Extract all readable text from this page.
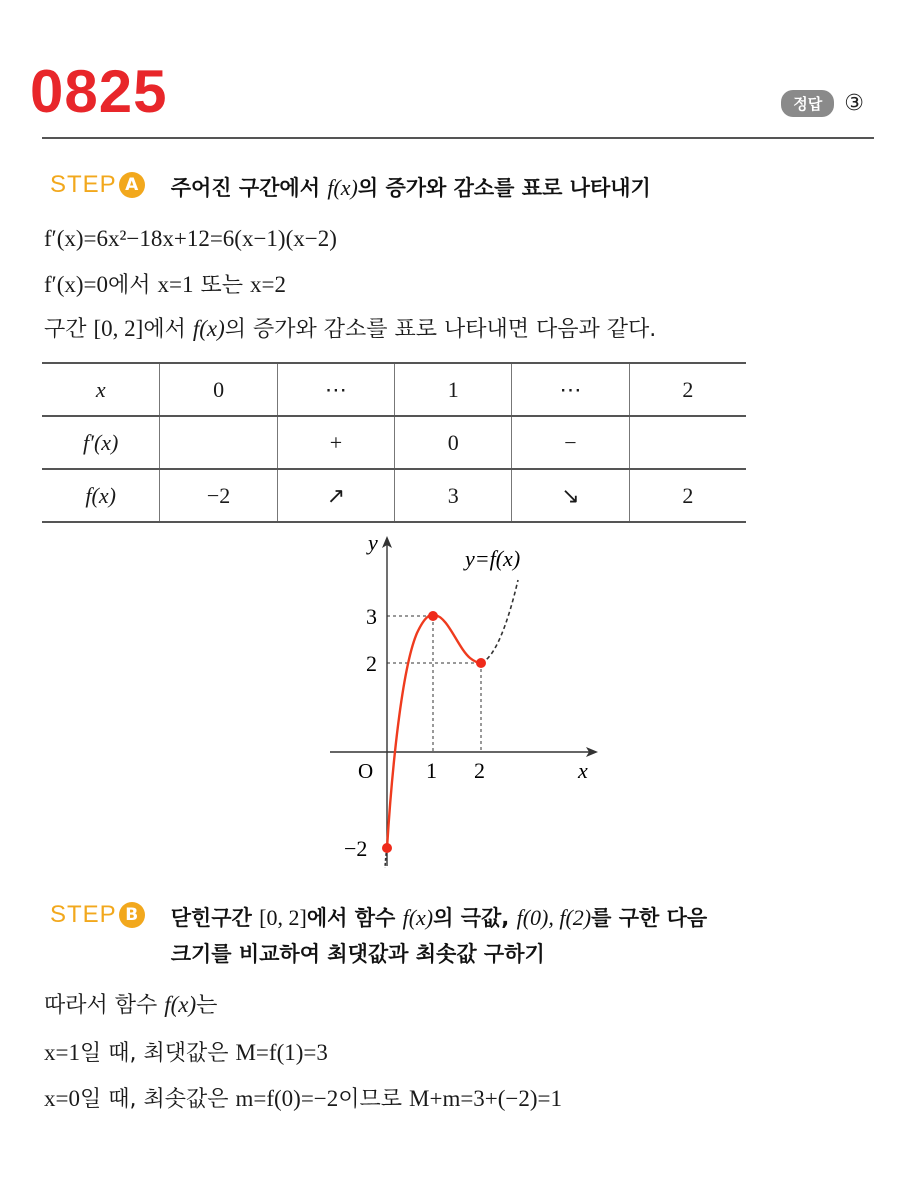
0825	정답	③
STEP A	주어진 구간에서 f(x)의 증가와 감소를 표로 나타내기
f′(x)=6x²−18x+12=6(x−1)(x−2)
f′(x)=0에서 x=1 또는 x=2
구간 [0, 2]에서 f(x)의 증가와 감소를 표로 나타내면 다음과 같다.
x	0	⋯	1	⋯	2
f′(x)		+	0	−	
f(x)	−2	↗	3	↘	2
y
x
O
y=f(x)
3
2
−2
1 2
STEP B	닫힌구간 [0, 2]에서 함수 f(x)의 극값, f(0), f(2)를 구한 다음
크기를 비교하여 최댓값과 최솟값 구하기
따라서 함수 f(x)는
x=1일 때, 최댓값은 M=f(1)=3
x=0일 때, 최솟값은 m=f(0)=−2이므로 M+m=3+(−2)=1
